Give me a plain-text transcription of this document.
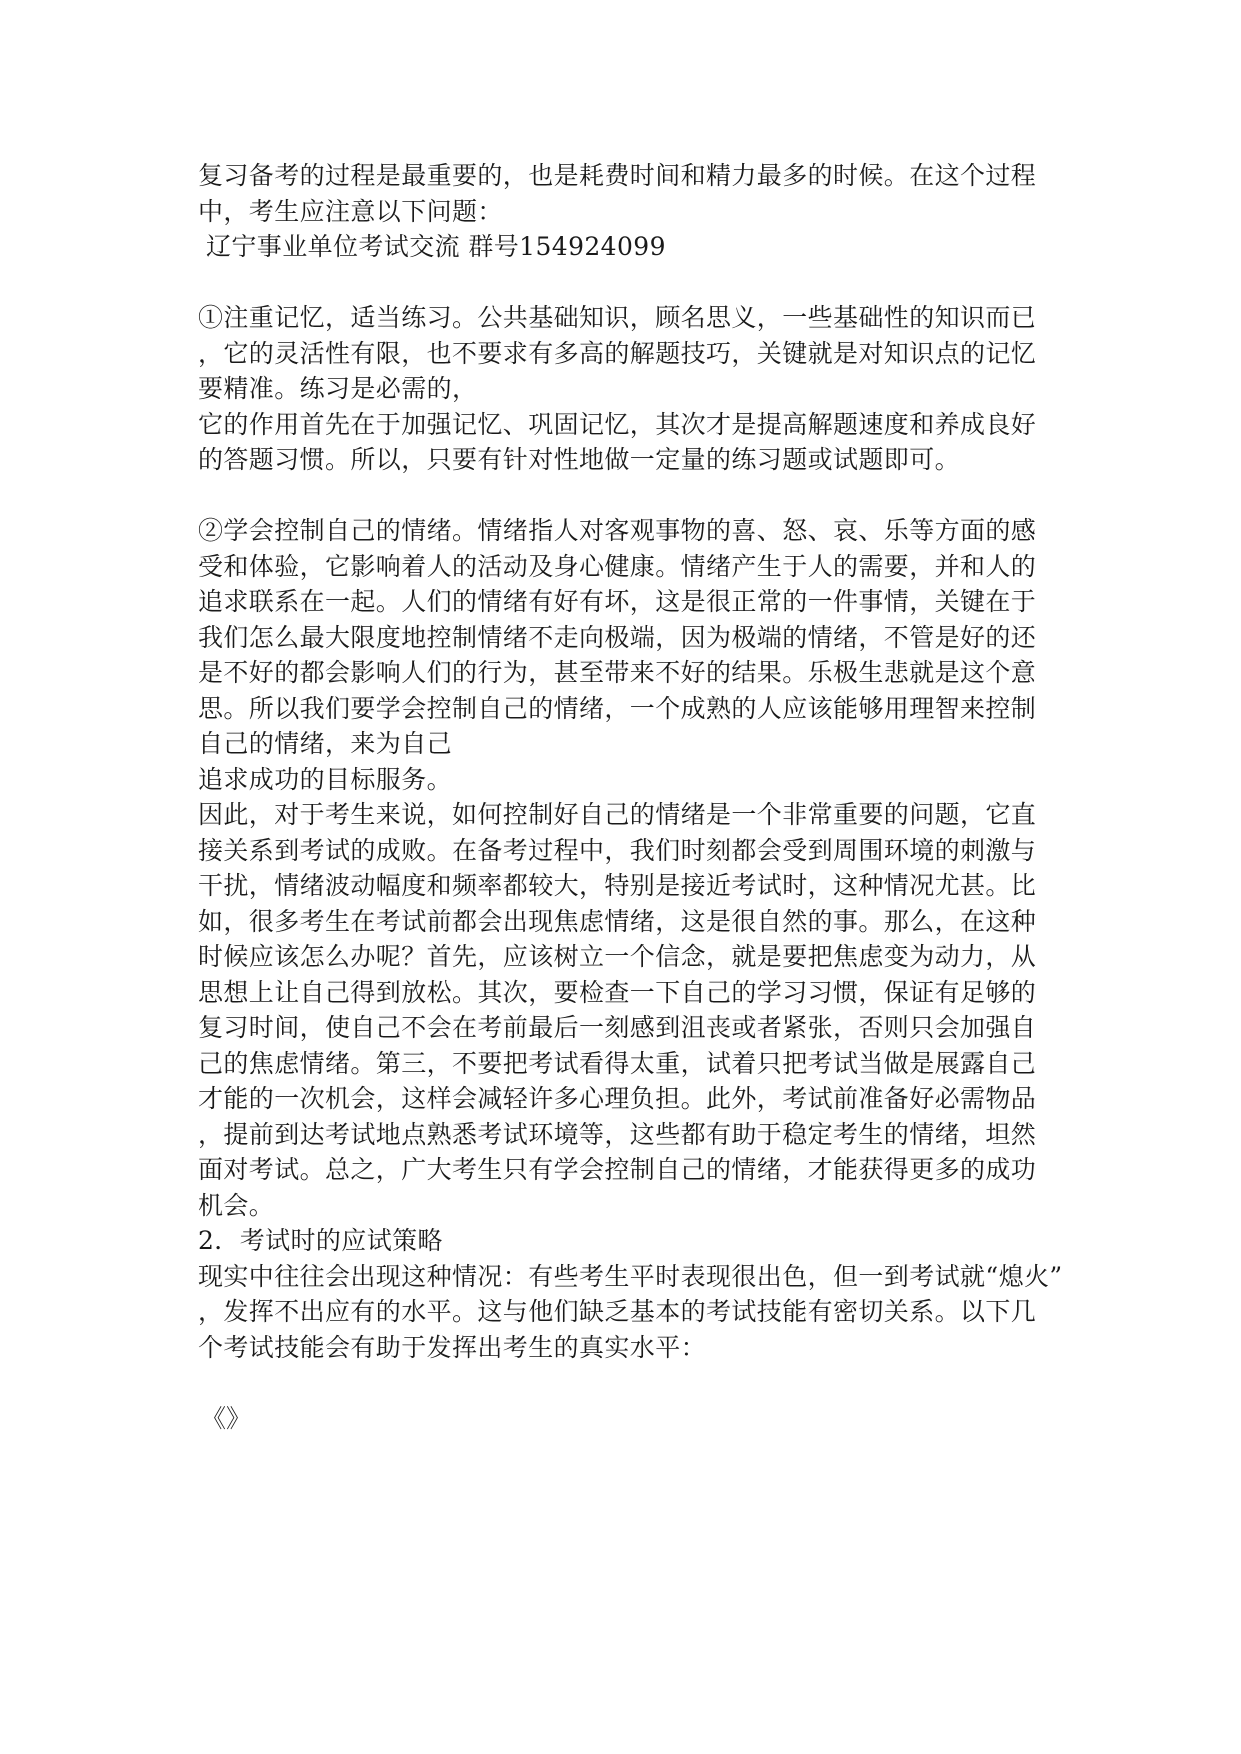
复习备考的过程是最重要的，也是耗费时间和精力最多的时候。在这个过程
中，考生应注意以下问题：
辽宁事业单位考试交流 群号154924099
①注重记忆，适当练习。公共基础知识，顾名思义，一些基础性的知识而已
，它的灵活性有限，也不要求有多高的解题技巧，关键就是对知识点的记忆
要精准。练习是必需的，
它的作用首先在于加强记忆、巩固记忆，其次才是提高解题速度和养成良好
的答题习惯。所以，只要有针对性地做一定量的练习题或试题即可。
②学会控制自己的情绪。情绪指人对客观事物的喜、怒、哀、乐等方面的感
受和体验，它影响着人的活动及身心健康。情绪产生于人的需要，并和人的
追求联系在一起。人们的情绪有好有坏，这是很正常的一件事情，关键在于
我们怎么最大限度地控制情绪不走向极端，因为极端的情绪，不管是好的还
是不好的都会影响人们的行为，甚至带来不好的结果。乐极生悲就是这个意
思。所以我们要学会控制自己的情绪，一个成熟的人应该能够用理智来控制
自己的情绪，来为自己
追求成功的目标服务。
因此，对于考生来说，如何控制好自己的情绪是一个非常重要的问题，它直
接关系到考试的成败。在备考过程中，我们时刻都会受到周围环境的刺激与
干扰，情绪波动幅度和频率都较大，特别是接近考试时，这种情况尤甚。比
如，很多考生在考试前都会出现焦虑情绪，这是很自然的事。那么，在这种
时候应该怎么办呢？首先，应该树立一个信念，就是要把焦虑变为动力，从
思想上让自己得到放松。其次，要检查一下自己的学习习惯，保证有足够的
复习时间，使自己不会在考前最后一刻感到沮丧或者紧张，否则只会加强自
己的焦虑情绪。第三，不要把考试看得太重，试着只把考试当做是展露自己
才能的一次机会，这样会减轻许多心理负担。此外，考试前准备好必需物品
，提前到达考试地点熟悉考试环境等，这些都有助于稳定考生的情绪，坦然
面对考试。总之，广大考生只有学会控制自己的情绪，才能获得更多的成功
机会。
2．考试时的应试策略
现实中往往会出现这种情况：有些考生平时表现很出色，但一到考试就“熄火”
，发挥不出应有的水平。这与他们缺乏基本的考试技能有密切关系。以下几
个考试技能会有助于发挥出考生的真实水平：
《》
